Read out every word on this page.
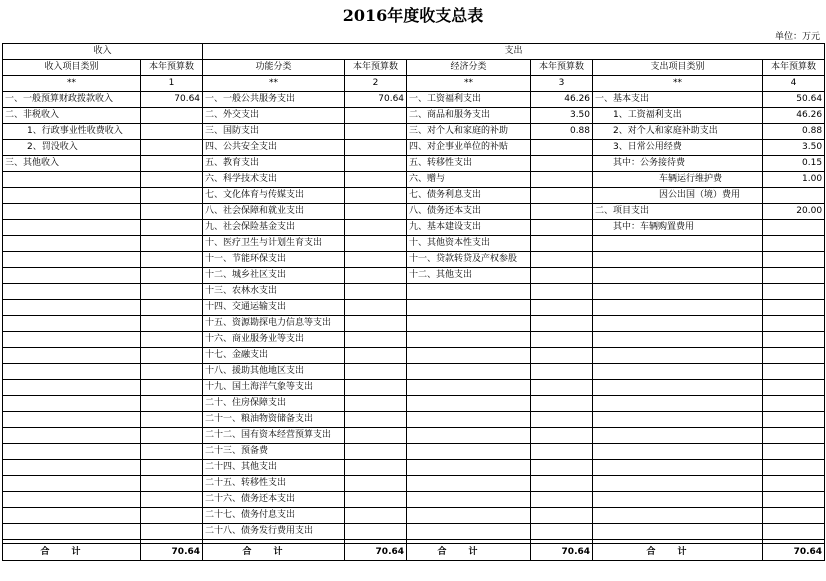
2016年度收支总表
单位：万元
收入		支出					
收入项目类别	本年预算数	功能分类	本年预算数	经济分类	本年预算数	支出项目类别	本年预算数
**	1	**	2	**	3	**	4
一、一般预算财政拨款收入	70.64	一、一般公共服务支出	70.64	一、工资福利支出	46.26	一、基本支出	50.64
二、非税收入		二、外交支出		二、商品和服务支出	3.50	1、工资福利支出	46.26
1、行政事业性收费收入		三、国防支出		三、对个人和家庭的补助	0.88	2、对个人和家庭补助支出	0.88
2、罚没收入		四、公共安全支出		四、对企事业单位的补贴		3、日常公用经费	3.50
三、其他收入		五、教育支出		五、转移性支出		其中：公务接待费	0.15
		六、科学技术支出		六、赠与		车辆运行维护费	1.00
		七、文化体育与传媒支出		七、债务利息支出		因公出国（境）费用	
		八、社会保障和就业支出		八、债务还本支出		二、项目支出	20.00
		九、社会保险基金支出		九、基本建设支出		其中：车辆购置费用	
		十、医疗卫生与计划生育支出		十、其他资本性支出			
		十一、节能环保支出		十一、贷款转贷及产权参股			
		十二、城乡社区支出		十二、其他支出			
		十三、农林水支出					
		十四、交通运输支出					
		十五、资源勘探电力信息等支出					
		十六、商业服务业等支出					
		十七、金融支出					
		十八、援助其他地区支出					
		十九、国土海洋气象等支出					
		二十、住房保障支出					
		二十一、粮油物资储备支出					
		二十二、国有资本经营预算支出					
		二十三、预备费					
		二十四、其他支出					
		二十五、转移性支出					
		二十六、债务还本支出					
		二十七、债务付息支出					
		二十八、债务发行费用支出					

合计	70.64	合计	70.64	合计	70.64	合计	70.64
